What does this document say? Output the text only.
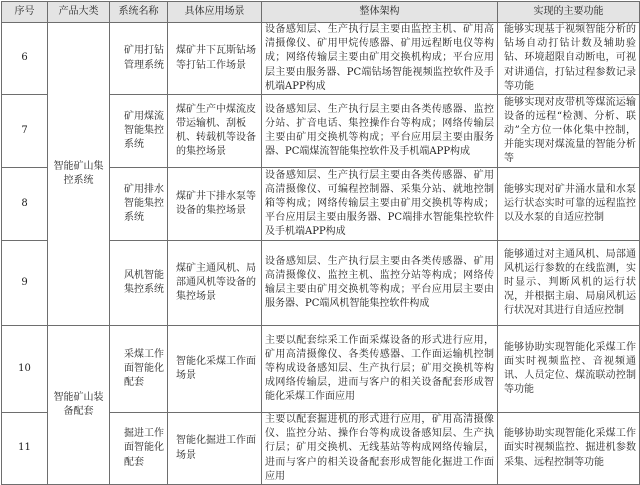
序号	产品大类	系统名称	具体应用场景	整体架构	实现的主要功能
6	智能矿山集控系统	矿用打钻管理系统	煤矿井下瓦斯钻场等打钻工作场景	设备感知层、生产执行层主要由监控主机、矿用高清摄像仪、矿用甲烷传感器、矿用远程断电仪等构成；网络传输层主要由矿用交换机构成；平台应用层主要由服务器、PC端钻场智能视频监控软件及手机端APP构成	能够实现基于视频智能分析的钻场自动打钻计数及辅助验钻、环境超限自动断电，可视对讲通信，打钻过程参数记录等功能
7		矿用煤流智能集控系统	煤矿生产中煤流皮带运输机、刮板机、转载机等设备的集控场景	设备感知层、生产执行层主要由各类传感器、监控分站、扩音电话、集控操作台等构成；网络传输层主要由矿用交换机等构成；平台应用层主要由服务器、PC端煤流智能集控软件及手机端APP构成	能够实现对皮带机等煤流运输设备的远程“检测、分析、联动”全方位一体化集中控制，并能实现对煤流量的智能分析等
8		矿用排水智能集控系统	煤矿井下排水泵等设备的集控场景	设备感知层、生产执行层主要由各类传感器、矿用高清摄像仪、可编程控制器、采集分站、就地控制箱等构成；网络传输层主要由矿用交换机等构成；平台应用层主要由服务器、PC端排水智能集控软件及手机端APP构成	能够实现对矿井涌水量和水泵运行状态实时可靠的远程监控以及水泵的自适应控制
9		风机智能集控系统	煤矿主通风机、局部通风机等设备的集控场景	设备感知层、生产执行层主要由各类传感器、矿用高清摄像仪、监控主机、监控分站等构成；网络传输层主要由矿用交换机等构成；平台应用层主要由服务器、PC端风机智能集控软件构成	能够通过对主通风机、局部通风机运行参数的在线监测，实时显示、判断风机的运行状况，并根据主扇、局扇风机运行状况对其进行自适应控制
10	智能矿山装备配套	采煤工作面智能化配套	智能化采煤工作面场景	主要以配套综采工作面采煤设备的形式进行应用，矿用高清摄像仪、各类传感器、工作面运输机控制等构成设备感知层、生产执行层；矿用交换机等构成网络传输层，进而与客户的相关设备配套形成智能化采煤工作面应用	能够协助实现智能化采煤工作面实时视频监控、音视频通讯、人员定位、煤流联动控制等功能
11		掘进工作面智能化配套	智能化掘进工作面场景	主要以配套掘进机的形式进行应用，矿用高清摄像仪、监控分站、操作台等构成设备感知层、生产执行层；矿用交换机、无线基站等构成网络传输层，进而与客户的相关设备配套形成智能化掘进工作面应用	能够协助实现智能化采煤工作面实时视频监控、掘进机参数采集、远程控制等功能
